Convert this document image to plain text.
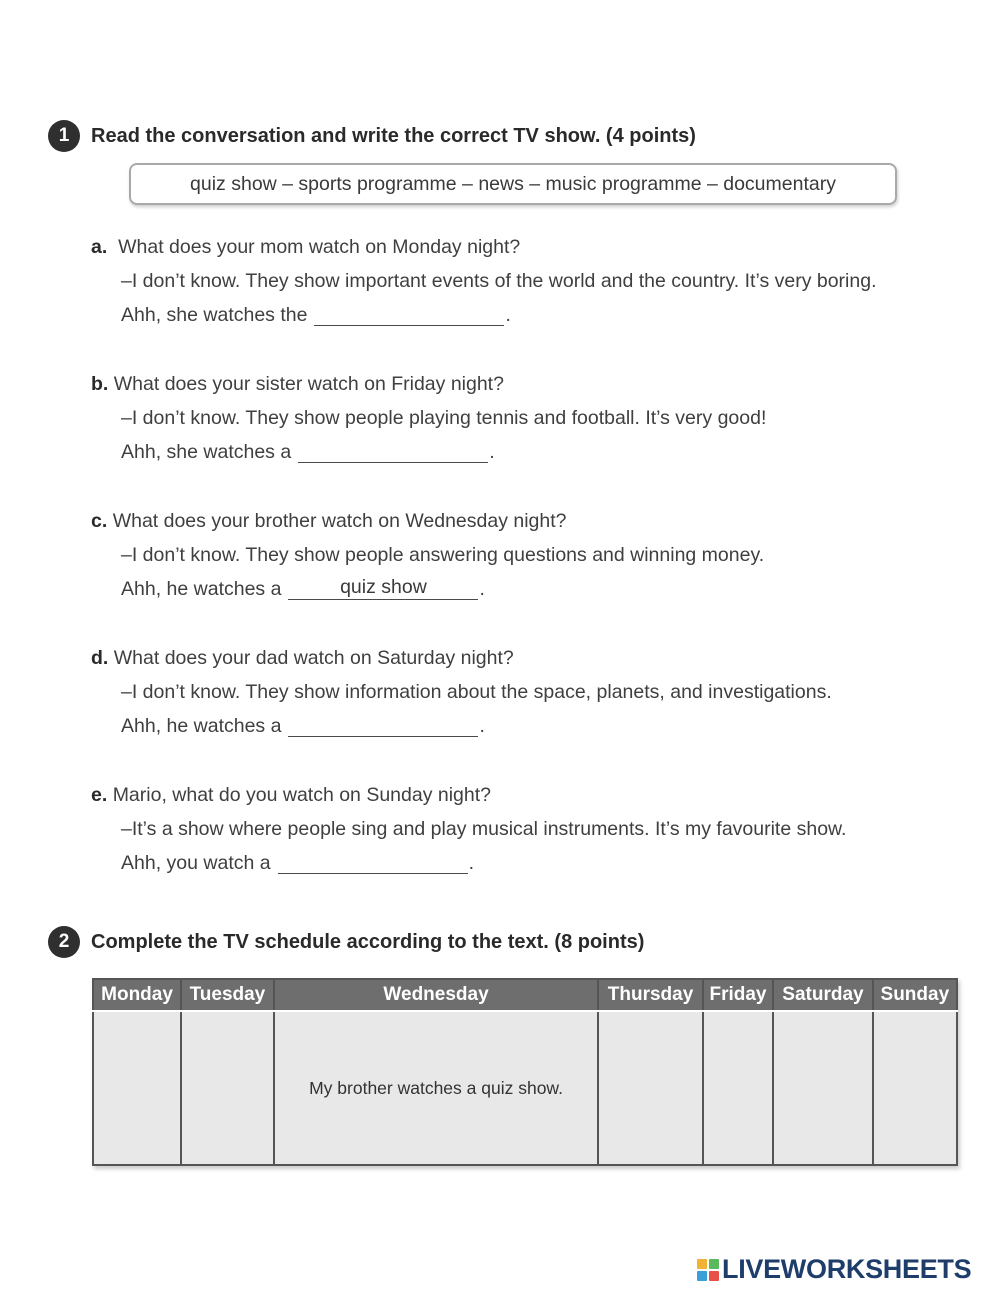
1	Read the conversation and write the correct TV show. (4 points)
quiz show – sports programme – news – music programme – documentary
a. What does your mom watch on Monday night?
–I don’t know. They show important events of the world and the country. It’s very boring.
Ahh, she watches the	.
b. What does your sister watch on Friday night?
–I don’t know. They show people playing tennis and football. It’s very good!
Ahh, she watches a	.
c. What does your brother watch on Wednesday night?
–I don’t know. They show people answering questions and winning money.
Ahh, he watches a	quiz show	.
d. What does your dad watch on Saturday night?
–I don’t know. They show information about the space, planets, and investigations.
Ahh, he watches a	.
e. Mario, what do you watch on Sunday night?
–It’s a show where people sing and play musical instruments. It’s my favourite show.
Ahh, you watch a	.
2	Complete the TV schedule according to the text. (8 points)
Monday	Tuesday	Wednesday	Thursday	Friday	Saturday	Sunday
		My brother watches a quiz show.				
LIVEWORKSHEETS
